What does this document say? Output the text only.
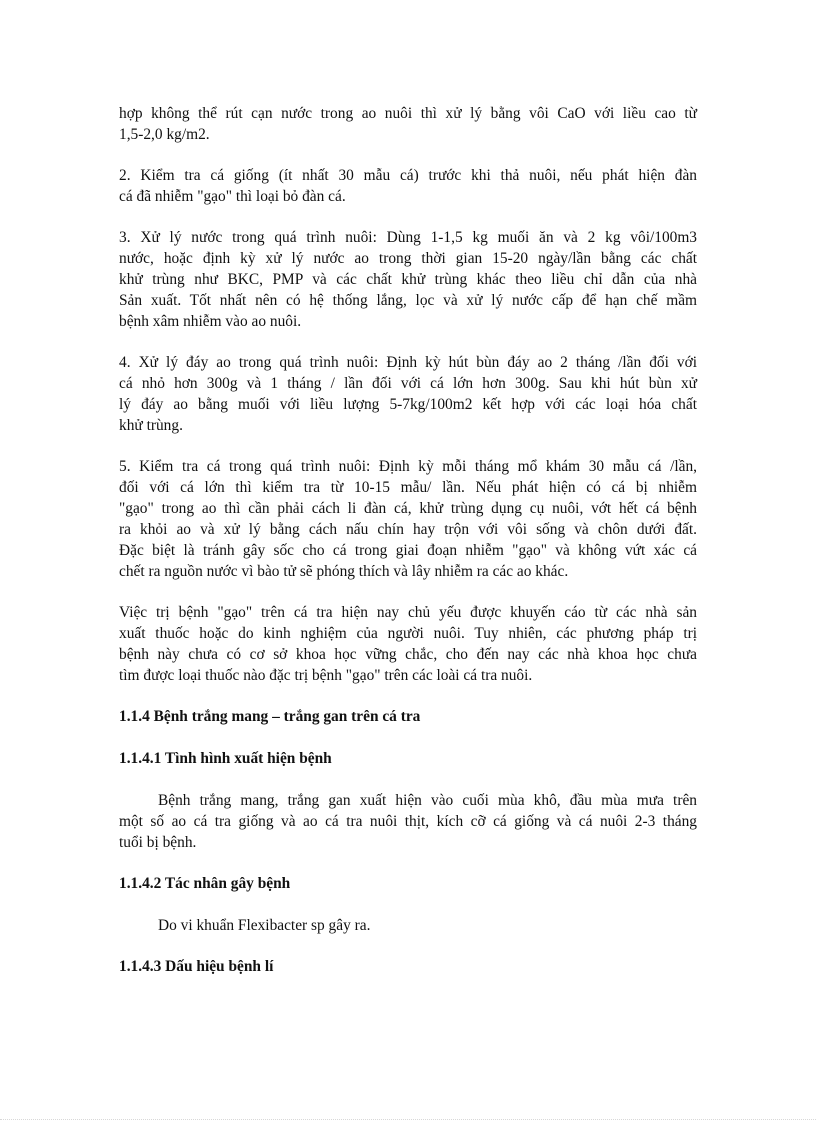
hợp không thể rút cạn nước trong ao nuôi thì xử lý bằng vôi CaO với liều cao từ
1,5-2,0 kg/m2.
2. Kiểm tra cá giống (ít nhất 30 mẫu cá) trước khi thả nuôi, nếu phát hiện đàn
cá đã nhiễm "gạo" thì loại bỏ đàn cá.
3. Xử lý nước trong quá trình nuôi: Dùng 1-1,5 kg muối ăn và 2 kg vôi/100m3
nước, hoặc định kỳ xử lý nước ao trong thời gian 15-20 ngày/lần bằng các chất
khử trùng như BKC, PMP và các chất khử trùng khác theo liều chỉ dẫn của nhà
Sản xuất. Tốt nhất nên có hệ thống lắng, lọc và xử lý nước cấp để hạn chế mầm
bệnh xâm nhiễm vào ao nuôi.
4. Xử lý đáy ao trong quá trình nuôi: Định kỳ hút bùn đáy ao 2 tháng /lần đối với
cá nhỏ hơn 300g và 1 tháng / lần đối với cá lớn hơn 300g. Sau khi hút bùn xử
lý đáy ao bằng muối với liều lượng 5-7kg/100m2 kết hợp với các loại hóa chất
khử trùng.
5. Kiểm tra cá trong quá trình nuôi: Định kỳ mỗi tháng mổ khám 30 mẫu cá /lần,
đối với cá lớn thì kiểm tra từ 10-15 mẫu/ lần. Nếu phát hiện có cá bị nhiễm
"gạo" trong ao thì cần phải cách li đàn cá, khử trùng dụng cụ nuôi, vớt hết cá bệnh
ra khỏi ao và xử lý bằng cách nấu chín hay trộn với vôi sống và chôn dưới đất.
Đặc biệt là tránh gây sốc cho cá trong giai đoạn nhiễm "gạo" và không vứt xác cá
chết ra nguồn nước vì bào tử sẽ phóng thích và lây nhiễm ra các ao khác.
Việc trị bệnh "gạo" trên cá tra hiện nay chủ yếu được khuyến cáo từ các nhà sản
xuất thuốc hoặc do kinh nghiệm của người nuôi. Tuy nhiên, các phương pháp trị
bệnh này chưa có cơ sở khoa học vững chắc, cho đến nay các nhà khoa học chưa
tìm được loại thuốc nào đặc trị bệnh "gạo" trên các loài cá tra nuôi.
1.1.4 Bệnh trắng mang – trắng gan trên cá tra
1.1.4.1 Tình hình xuất hiện bệnh
Bệnh trắng mang, trắng gan xuất hiện vào cuối mùa khô, đầu mùa mưa trên
một số ao cá tra giống và ao cá tra nuôi thịt, kích cỡ cá giống và cá nuôi 2-3 tháng
tuổi bị bệnh.
1.1.4.2 Tác nhân gây bệnh
Do vi khuẩn Flexibacter sp gây ra.
1.1.4.3 Dấu hiệu bệnh lí
